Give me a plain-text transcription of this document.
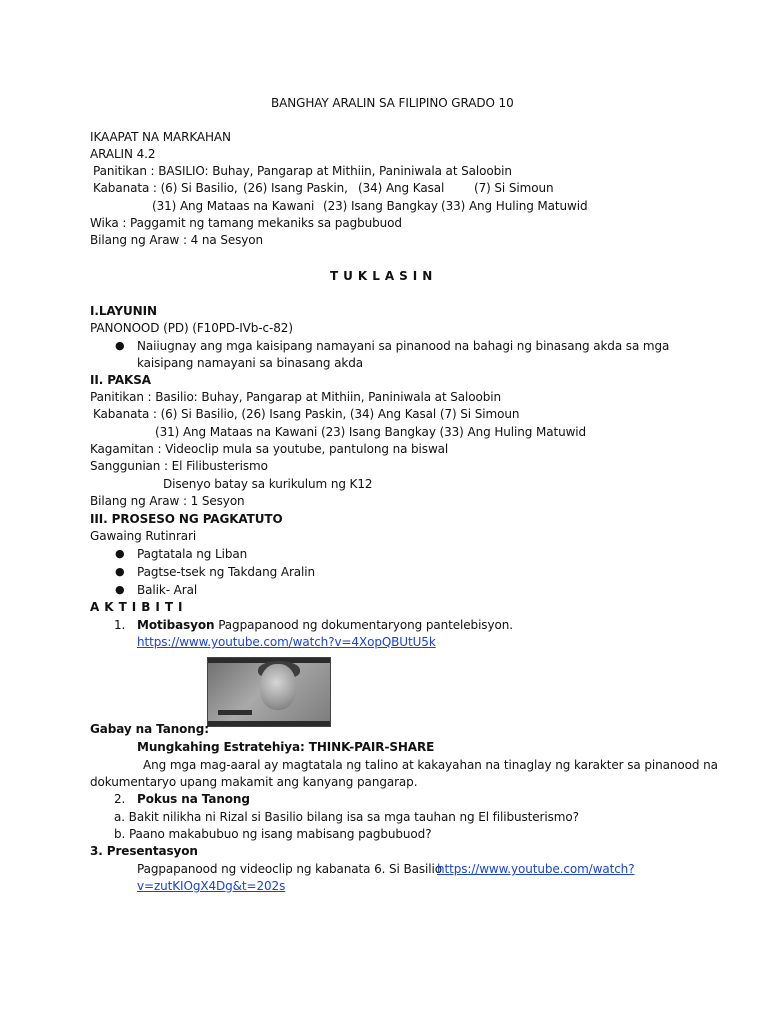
BANGHAY ARALIN SA FILIPINO GRADO 10
IKAAPAT NA MARKAHAN
ARALIN 4.2
Panitikan : BASILIO: Buhay, Pangarap at Mithiin, Paniniwala at Saloobin
Kabanata : (6) Si Basilio, (26) Isang Paskin, (34) Ang Kasal (7) Si Simoun
(31) Ang Mataas na Kawani (23) Isang Bangkay (33) Ang Huling Matuwid
Wika : Paggamit ng tamang mekaniks sa pagbubuod
Bilang ng Araw : 4 na Sesyon
TUKLASIN
I.LAYUNIN
PANONOOD (PD) (F10PD-IVb-c-82)
● Naiiugnay ang mga kaisipang namayani sa pinanood na bahagi ng binasang akda sa mga
kaisipang namayani sa binasang akda
II. PAKSA
Panitikan : Basilio: Buhay, Pangarap at Mithiin, Paniniwala at Saloobin
Kabanata : (6) Si Basilio, (26) Isang Paskin, (34) Ang Kasal (7) Si Simoun
(31) Ang Mataas na Kawani (23) Isang Bangkay (33) Ang Huling Matuwid
Kagamitan : Videoclip mula sa youtube, pantulong na biswal
Sanggunian : El Filibusterismo
Disenyo batay sa kurikulum ng K12
Bilang ng Araw : 1 Sesyon
III. PROSESO NG PAGKATUTO
Gawaing Rutinrari
● Pagtatala ng Liban
● Pagtse-tsek ng Takdang Aralin
● Balik- Aral
AKTIBITI
1. Motibasyon Pagpapanood ng dokumentaryong pantelebisyon.
https://www.youtube.com/watch?v=4XopQBUtU5k
Gabay na Tanong:
Mungkahing Estratehiya: THINK-PAIR-SHARE
Ang mga mag-aaral ay magtatala ng talino at kakayahan na tinaglay ng karakter sa pinanood na
dokumentaryo upang makamit ang kanyang pangarap.
2. Pokus na Tanong
a. Bakit nilikha ni Rizal si Basilio bilang isa sa mga tauhan ng El filibusterismo?
b. Paano makabubuo ng isang mabisang pagbubuod?
3. Presentasyon
Pagpapanood ng videoclip ng kabanata 6. Si Basilio
https://www.youtube.com/watch?
v=zutKIOgX4Dg&t=202s
